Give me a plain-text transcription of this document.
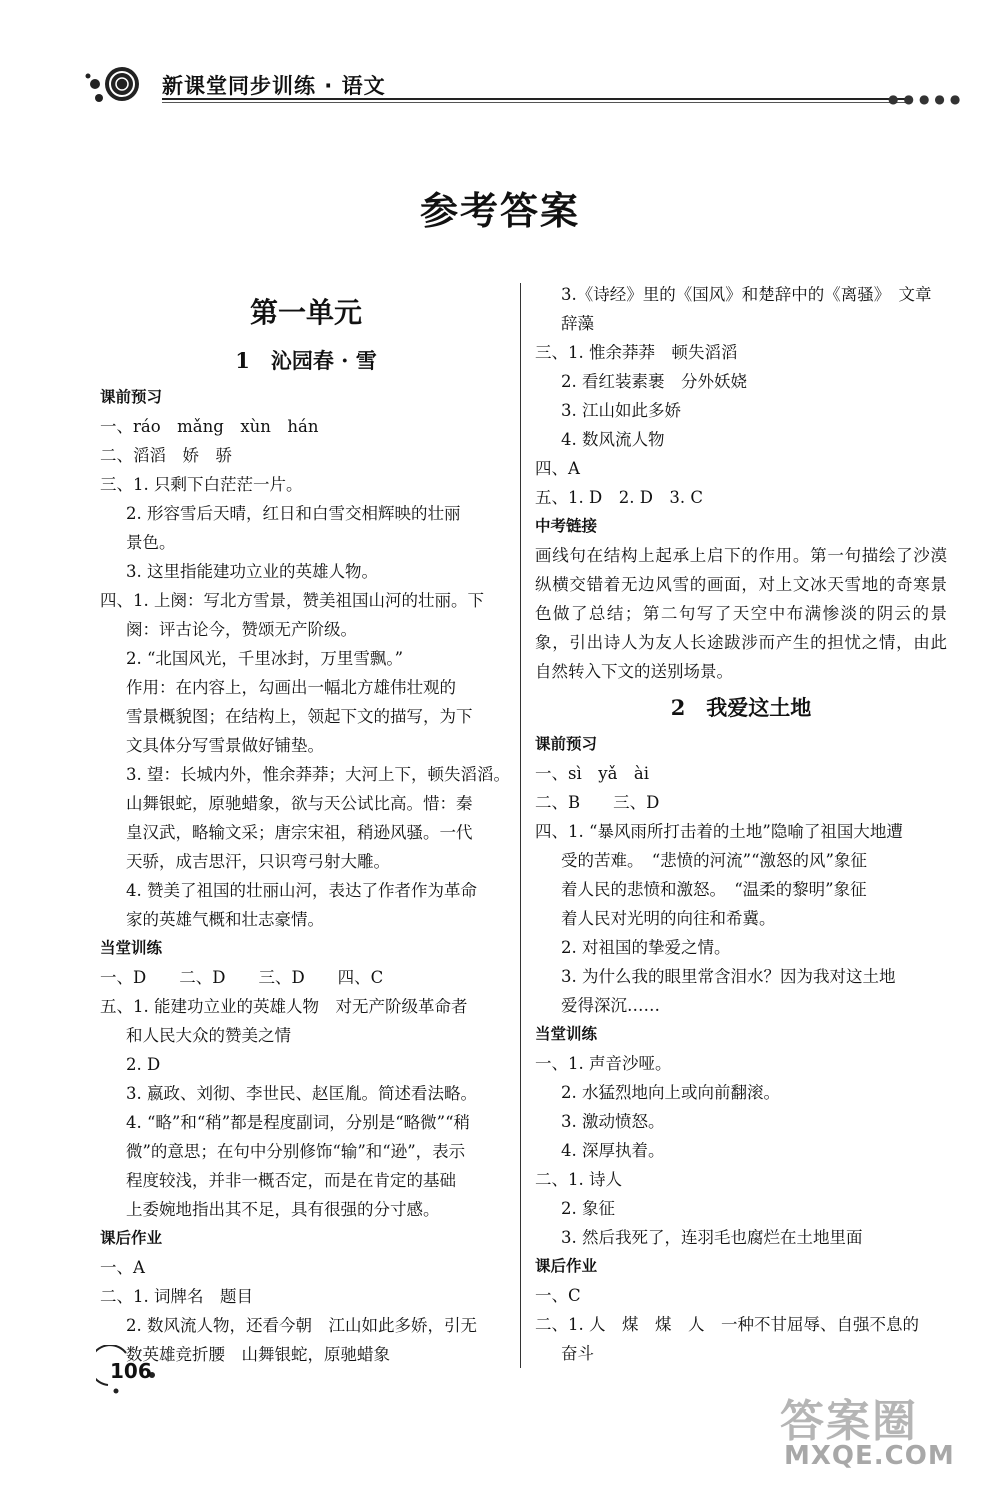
新课堂同步训练 · 语文
●●●●●
参考答案
第一单元
1　沁园春 · 雪
课前预习
一、ráo　mǎng　xùn　hán
二、滔滔　娇　骄
三、1. 只剩下白茫茫一片。
2. 形容雪后天晴，红日和白雪交相辉映的壮丽
景色。
3. 这里指能建功立业的英雄人物。
四、1. 上阕：写北方雪景，赞美祖国山河的壮丽。下
阕：评古论今，赞颂无产阶级。
2. “北国风光，千里冰封，万里雪飘。”
作用：在内容上，勾画出一幅北方雄伟壮观的
雪景概貌图；在结构上，领起下文的描写，为下
文具体分写雪景做好铺垫。
3. 望：长城内外，惟余莽莽；大河上下，顿失滔滔。
山舞银蛇，原驰蜡象，欲与天公试比高。惜：秦
皇汉武，略输文采；唐宗宋祖，稍逊风骚。一代
天骄，成吉思汗，只识弯弓射大雕。
4. 赞美了祖国的壮丽山河，表达了作者作为革命
家的英雄气概和壮志豪情。
当堂训练
一、D　　二、D　　三、D　　四、C
五、1. 能建功立业的英雄人物　对无产阶级革命者
和人民大众的赞美之情
2. D
3. 嬴政、刘彻、李世民、赵匡胤。简述看法略。
4. “略”和“稍”都是程度副词，分别是“略微”“稍
微”的意思；在句中分别修饰“输”和“逊”，表示
程度较浅，并非一概否定，而是在肯定的基础
上委婉地指出其不足，具有很强的分寸感。
课后作业
一、A
二、1. 词牌名　题目
2. 数风流人物，还看今朝　江山如此多娇，引无
数英雄竞折腰　山舞银蛇，原驰蜡象
3.《诗经》里的《国风》和楚辞中的《离骚》　文章
辞藻
三、1. 惟余莽莽　顿失滔滔
2. 看红装素裹　分外妖娆
3. 江山如此多娇
4. 数风流人物
四、A
五、1. D　2. D　3. C
中考链接
画线句在结构上起承上启下的作用。第一句描绘了沙漠纵横交错着无边风雪的画面，对上文冰天雪地的奇寒景色做了总结；第二句写了天空中布满惨淡的阴云的景象，引出诗人为友人长途跋涉而产生的担忧之情，由此自然转入下文的送别场景。
2　我爱这土地
课前预习
一、sì　yǎ　ài
二、B　　三、D
四、1. “暴风雨所打击着的土地”隐喻了祖国大地遭
受的苦难。　“悲愤的河流”“激怒的风”象征
着人民的悲愤和激怒。　“温柔的黎明”象征
着人民对光明的向往和希冀。
2. 对祖国的挚爱之情。
3. 为什么我的眼里常含泪水？因为我对这土地
爱得深沉……
当堂训练
一、1. 声音沙哑。
2. 水猛烈地向上或向前翻滚。
3. 激动愤怒。
4. 深厚执着。
二、1. 诗人
2. 象征
3. 然后我死了，连羽毛也腐烂在土地里面
课后作业
一、C
二、1. 人　煤　煤　人　一种不甘屈辱、自强不息的
奋斗
106
答案圈
MXQE.COM
